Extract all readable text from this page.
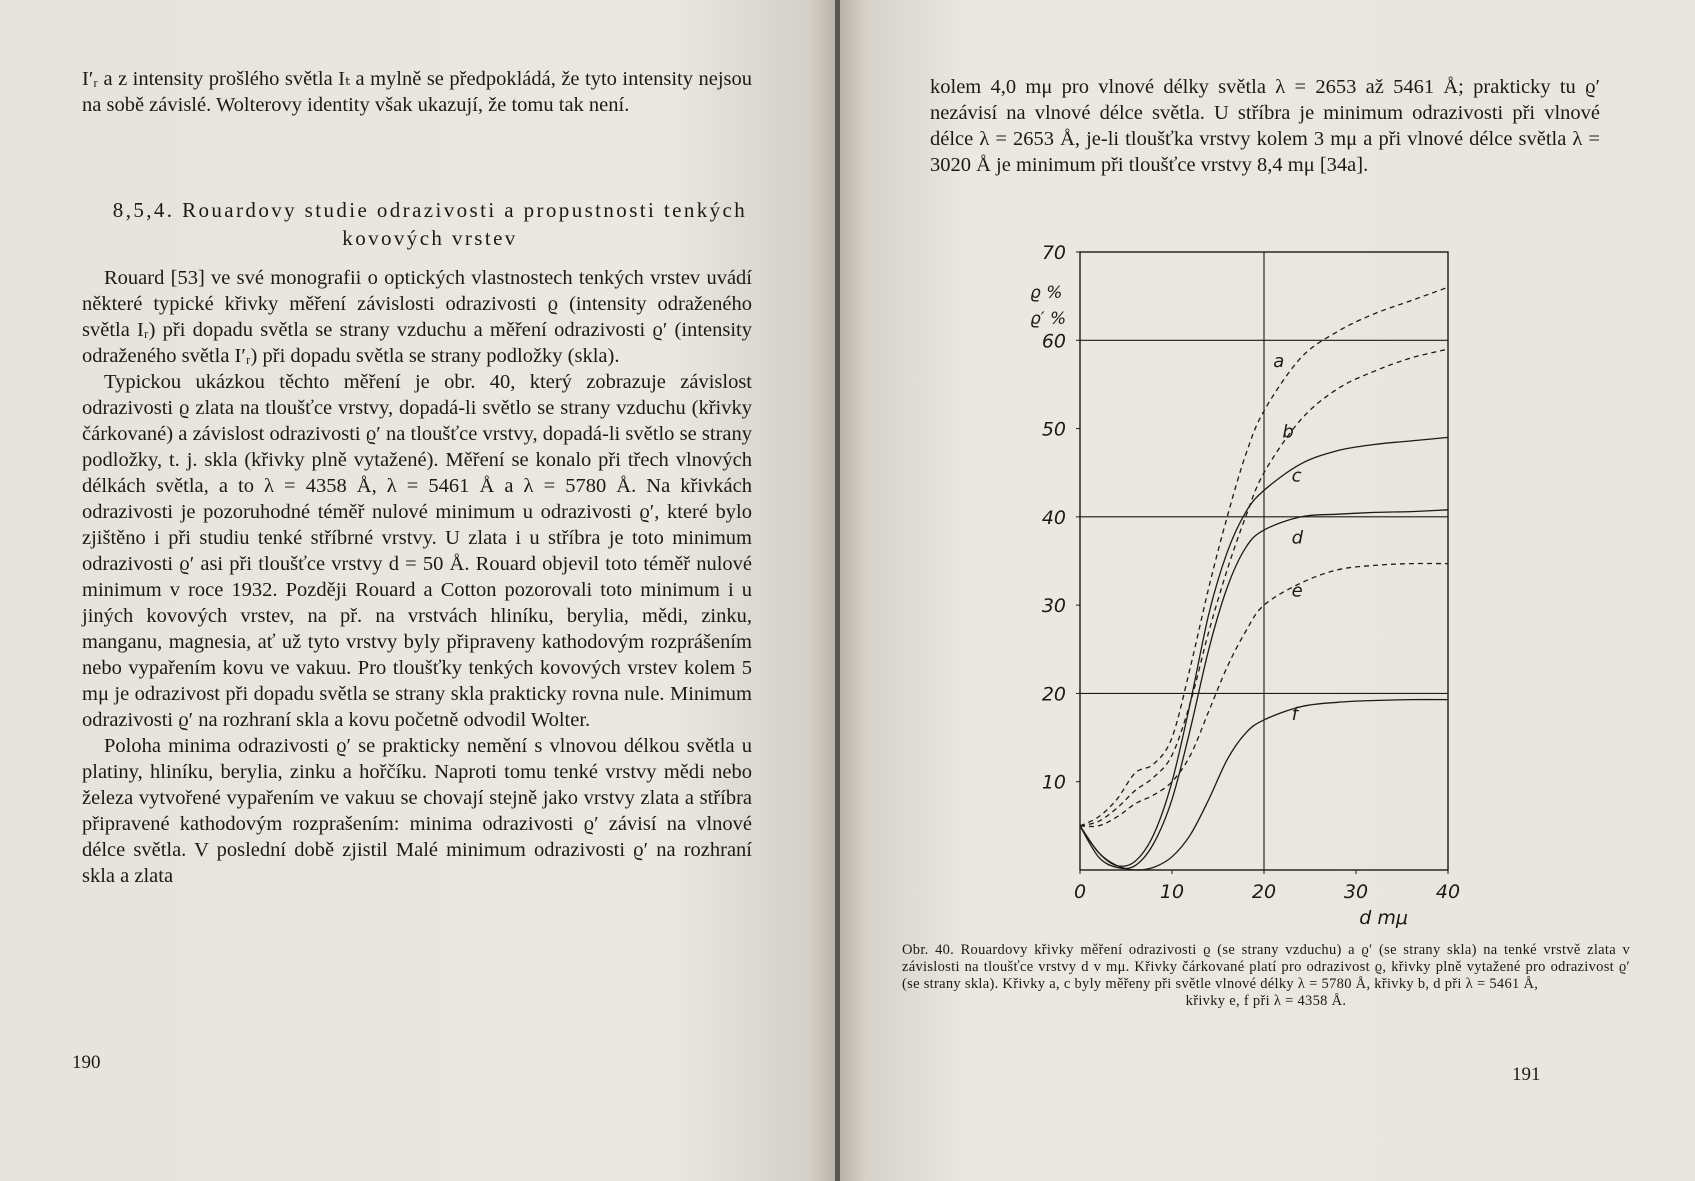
I′ᵣ a z intensity prošlého světla Iₜ a mylně se předpokládá, že tyto intensity nejsou na sobě závislé. Wolterovy identity však ukazují, že tomu tak není.

8,5,4. Rouardovy studie odrazivosti a propustnosti tenkých kovových vrstev

Rouard [53] ve své monografii o optických vlastnostech tenkých vrstev uvádí některé typické křivky měření závislosti odrazivosti ϱ (intensity odraženého světla Iᵣ) při dopadu světla se strany vzduchu a měření odrazivosti ϱ′ (intensity odraženého světla I′ᵣ) při dopadu světla se strany podložky (skla).

Typickou ukázkou těchto měření je obr. 40, který zobrazuje závislost odrazivosti ϱ zlata na tloušťce vrstvy, dopadá-li světlo se strany vzduchu (křivky čárkované) a závislost odrazivosti ϱ′ na tloušťce vrstvy, dopadá-li světlo se strany podložky, t. j. skla (křivky plně vytažené). Měření se konalo při třech vlnových délkách světla, a to λ = 4358 Å, λ = 5461 Å a λ = 5780 Å. Na křivkách odrazivosti je pozoruhodné téměř nulové minimum u odrazivosti ϱ′, které bylo zjištěno i při studiu tenké stříbrné vrstvy. U zlata i u stříbra je toto minimum odrazivosti ϱ′ asi při tloušťce vrstvy d = 50 Å. Rouard objevil toto téměř nulové minimum v roce 1932. Později Rouard a Cotton pozorovali toto minimum i u jiných kovových vrstev, na př. na vrstvách hliníku, berylia, mědi, zinku, manganu, magnesia, ať už tyto vrstvy byly připraveny kathodovým rozprášením nebo vypařením kovu ve vakuu. Pro tloušťky tenkých kovových vrstev kolem 5 mμ je odrazivost při dopadu světla se strany skla prakticky rovna nule. Minimum odrazivosti ϱ′ na rozhraní skla a kovu početně odvodil Wolter.

Poloha minima odrazivosti ϱ′ se prakticky nemění s vlnovou délkou světla u platiny, hliníku, berylia, zinku a hořčíku. Naproti tomu tenké vrstvy mědi nebo železa vytvořené vypařením ve vakuu se chovají stejně jako vrstvy zlata a stříbra připravené kathodovým rozprašením: minima odrazivosti ϱ′ závisí na vlnové délce světla. V poslední době zjistil Malé minimum odrazivosti ϱ′ na rozhraní skla a zlata

190

kolem 4,0 mμ pro vlnové délky světla λ = 2653 až 5461 Å; prakticky tu ϱ′ nezávisí na vlnové délce světla. U stříbra je minimum odrazivosti při vlnové délce λ = 2653 Å, je-li tloušťka vrstvy kolem 3 mμ a při vlnové délce světla λ = 3020 Å je minimum při tloušťce vrstvy 8,4 mμ [34a].

10
20
30
40
50
60
70
0	10	20	30	40
ϱ %
ϱ′ %
d mμ
a
b
c
d
e
f
Obr. 40. Rouardovy křivky měření odrazivosti ϱ (se strany vzduchu) a ϱ′ (se strany skla) na tenké vrstvě zlata v závislosti na tloušťce vrstvy d v mμ. Křivky čárkované platí pro odrazivost ϱ, křivky plně vytažené pro odrazivost ϱ′ (se strany skla). Křivky a, c byly měřeny při světle vlnové délky λ = 5780 Å, křivky b, d při λ = 5461 Å,
křivky e, f při λ = 4358 Å.
191
